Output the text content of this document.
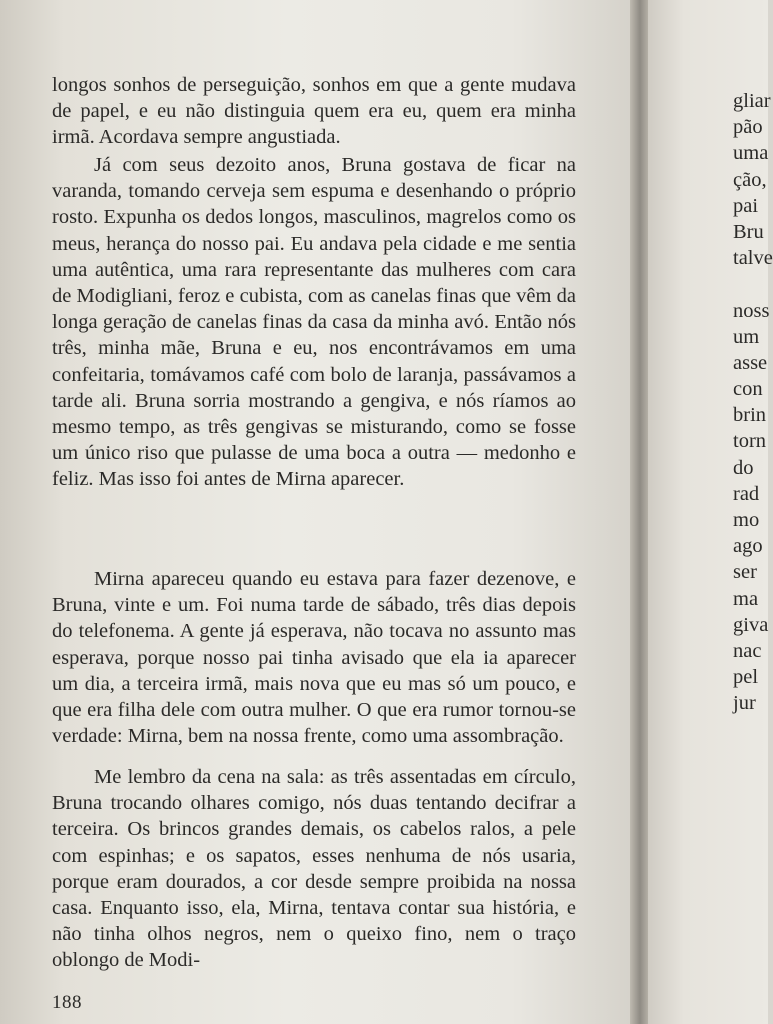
longos sonhos de perseguição, sonhos em que a gente mudava de papel, e eu não distinguia quem era eu, quem era minha irmã. Acordava sempre angustiada.

Já com seus dezoito anos, Bruna gostava de ficar na varanda, tomando cerveja sem espuma e desenhando o próprio rosto. Expunha os dedos longos, masculinos, magrelos como os meus, herança do nosso pai. Eu andava pela cidade e me sentia uma autêntica, uma rara representante das mulheres com cara de Modigliani, feroz e cubista, com as canelas finas que vêm da longa geração de canelas finas da casa da minha avó. Então nós três, minha mãe, Bruna e eu, nos encontrávamos em uma confeitaria, tomávamos café com bolo de laranja, passávamos a tarde ali. Bruna sorria mostrando a gengiva, e nós ríamos ao mesmo tempo, as três gengivas se misturando, como se fosse um único riso que pulasse de uma boca a outra — medonho e feliz. Mas isso foi antes de Mirna aparecer.

Mirna apareceu quando eu estava para fazer dezenove, e Bruna, vinte e um. Foi numa tarde de sábado, três dias depois do telefonema. A gente já esperava, não tocava no assunto mas esperava, porque nosso pai tinha avisado que ela ia aparecer um dia, a terceira irmã, mais nova que eu mas só um pouco, e que era filha dele com outra mulher. O que era rumor tornou-se verdade: Mirna, bem na nossa frente, como uma assombração.

Me lembro da cena na sala: as três assentadas em círculo, Bruna trocando olhares comigo, nós duas tentando decifrar a terceira. Os brincos grandes demais, os cabelos ralos, a pele com espinhas; e os sapatos, esses nenhuma de nós usaria, porque eram dourados, a cor desde sempre proibida na nossa casa. Enquanto isso, ela, Mirna, tentava contar sua história, e não tinha olhos negros, nem o queixo fino, nem o traço oblongo de Modi-

188
gliar
pão
uma
ção,
pai
Bru
talve
noss
um
asse
con
brin
torn
do
rad
mo
ago
ser
ma
giva
nac
pel
jur
